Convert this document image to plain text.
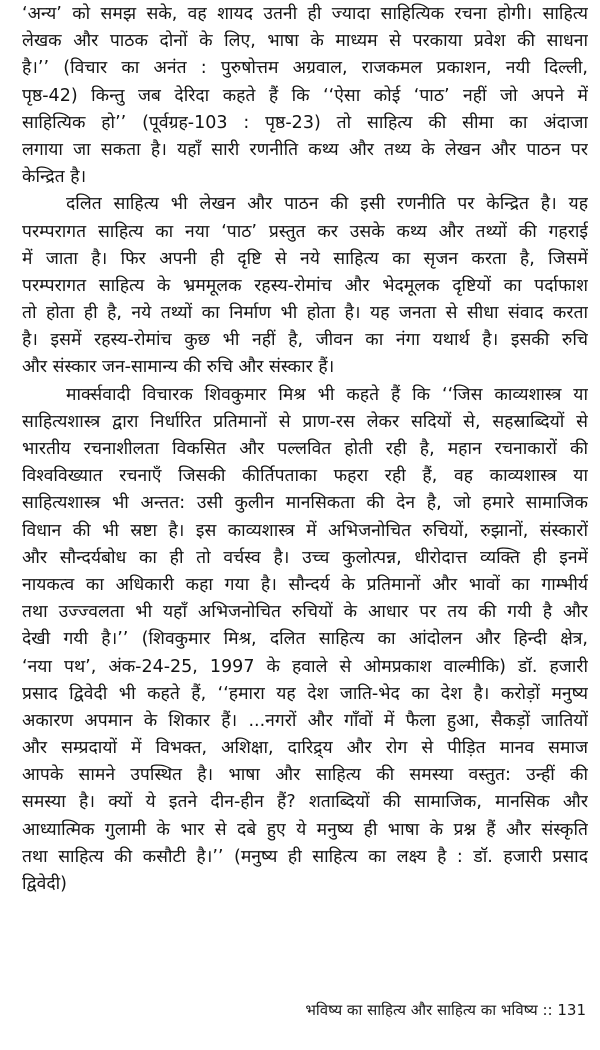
‘अन्य’ को समझ सके, वह शायद उतनी ही ज्यादा साहित्यिक रचना होगी। साहित्य
लेखक और पाठक दोनों के लिए, भाषा के माध्यम से परकाया प्रवेश की साधना
है।’’ (विचार का अनंत : पुरुषोत्तम अग्रवाल, राजकमल प्रकाशन, नयी दिल्ली,
पृष्ठ-42) किन्तु जब देरिदा कहते हैं कि ‘‘ऐसा कोई ‘पाठ’ नहीं जो अपने में
साहित्यिक हो’’ (पूर्वग्रह-103 : पृष्ठ-23) तो साहित्य की सीमा का अंदाजा
लगाया जा सकता है। यहाँ सारी रणनीति कथ्य और तथ्य के लेखन और पाठन पर
केन्द्रित है।
दलित साहित्य भी लेखन और पाठन की इसी रणनीति पर केन्द्रित है। यह
परम्परागत साहित्य का नया ‘पाठ’ प्रस्तुत कर उसके कथ्य और तथ्यों की गहराई
में जाता है। फिर अपनी ही दृष्टि से नये साहित्य का सृजन करता है, जिसमें
परम्परागत साहित्य के भ्रममूलक रहस्य-रोमांच और भेदमूलक दृष्टियों का पर्दाफाश
तो होता ही है, नये तथ्यों का निर्माण भी होता है। यह जनता से सीधा संवाद करता
है। इसमें रहस्य-रोमांच कुछ भी नहीं है, जीवन का नंगा यथार्थ है। इसकी रुचि
और संस्कार जन-सामान्य की रुचि और संस्कार हैं।
मार्क्सवादी विचारक शिवकुमार मिश्र भी कहते हैं कि ‘‘जिस काव्यशास्त्र या
साहित्यशास्त्र द्वारा निर्धारित प्रतिमानों से प्राण-रस लेकर सदियों से, सहस्राब्दियों से
भारतीय रचनाशीलता विकसित और पल्लवित होती रही है, महान रचनाकारों की
विश्वविख्यात रचनाएँ जिसकी कीर्तिपताका फहरा रही हैं, वह काव्यशास्त्र या
साहित्यशास्त्र भी अन्तत: उसी कुलीन मानसिकता की देन है, जो हमारे सामाजिक
विधान की भी स्रष्टा है। इस काव्यशास्त्र में अभिजनोचित रुचियों, रुझानों, संस्कारों
और सौन्दर्यबोध का ही तो वर्चस्व है। उच्च कुलोत्पन्न, धीरोदात्त व्यक्ति ही इनमें
नायकत्व का अधिकारी कहा गया है। सौन्दर्य के प्रतिमानों और भावों का गाम्भीर्य
तथा उज्ज्वलता भी यहाँ अभिजनोचित रुचियों के आधार पर तय की गयी है और
देखी गयी है।’’ (शिवकुमार मिश्र, दलित साहित्य का आंदोलन और हिन्दी क्षेत्र,
‘नया पथ’, अंक-24-25, 1997 के हवाले से ओमप्रकाश वाल्मीकि) डॉ. हजारी
प्रसाद द्विवेदी भी कहते हैं, ‘‘हमारा यह देश जाति-भेद का देश है। करोड़ों मनुष्य
अकारण अपमान के शिकार हैं। ...नगरों और गाँवों में फैला हुआ, सैकड़ों जातियों
और सम्प्रदायों में विभक्त, अशिक्षा, दारिद्र्य और रोग से पीड़ित मानव समाज
आपके सामने उपस्थित है। भाषा और साहित्य की समस्या वस्तुत: उन्हीं की
समस्या है। क्यों ये इतने दीन-हीन हैं? शताब्दियों की सामाजिक, मानसिक और
आध्यात्मिक गुलामी के भार से दबे हुए ये मनुष्य ही भाषा के प्रश्न हैं और संस्कृति
तथा साहित्य की कसौटी है।’’ (मनुष्य ही साहित्य का लक्ष्य है : डॉ. हजारी प्रसाद
द्विवेदी)
भविष्य का साहित्य और साहित्य का भविष्य :: 131
